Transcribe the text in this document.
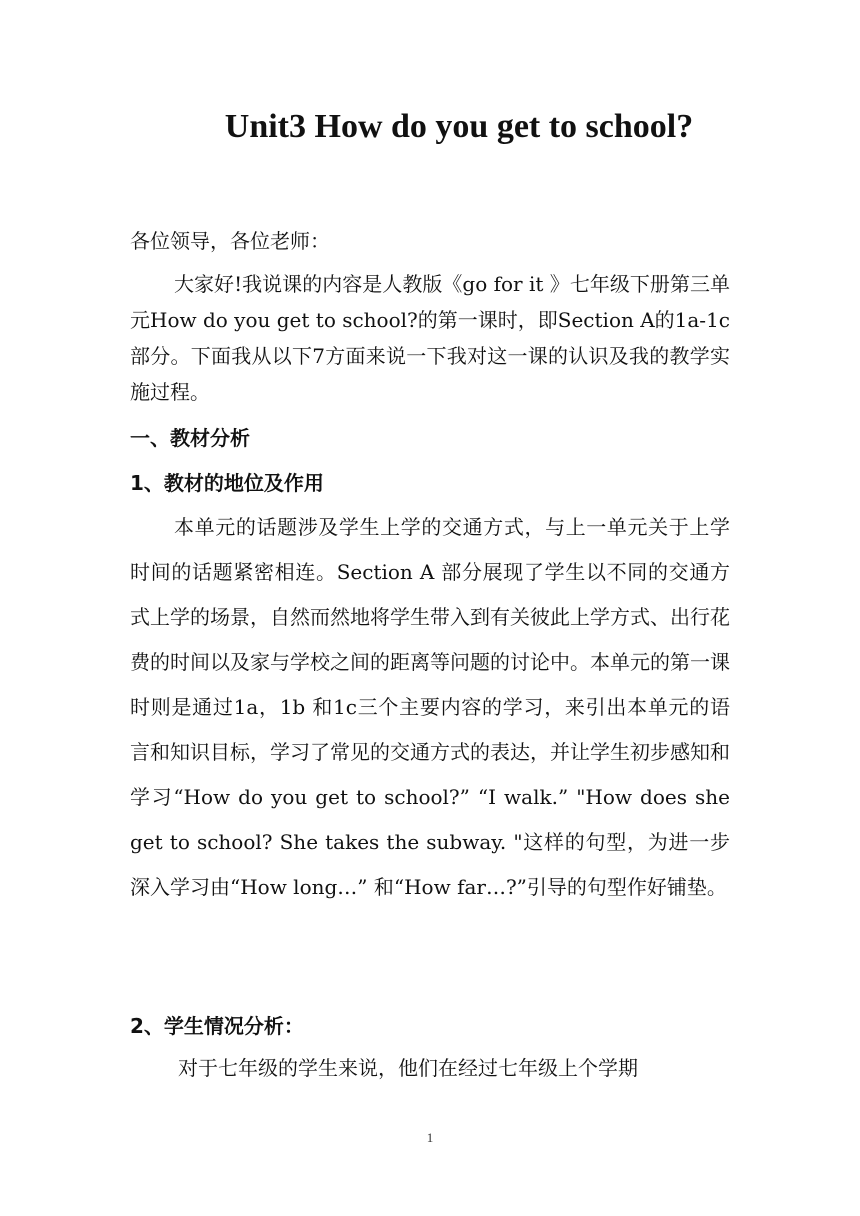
Unit3 How do you get to school?
各位领导，各位老师：
大家好!我说课的内容是人教版《go for it 》七年级下册第三单元How do you get to school?的第一课时，即Section A的1a-1c部分。下面我从以下7方面来说一下我对这一课的认识及我的教学实施过程。
一、教材分析
1、教材的地位及作用
本单元的话题涉及学生上学的交通方式，与上一单元关于上学时间的话题紧密相连。Section A 部分展现了学生以不同的交通方式上学的场景，自然而然地将学生带入到有关彼此上学方式、出行花费的时间以及家与学校之间的距离等问题的讨论中。本单元的第一课时则是通过1a，1b 和1c三个主要内容的学习，来引出本单元的语言和知识目标，学习了常见的交通方式的表达，并让学生初步感知和学习“How do you get to school?” “I walk.” "How does she get to school? She takes the subway. "这样的句型，为进一步深入学习由“How long…” 和“How far…?”引导的句型作好铺垫。
2、学生情况分析：
对于七年级的学生来说，他们在经过七年级上个学期
1
